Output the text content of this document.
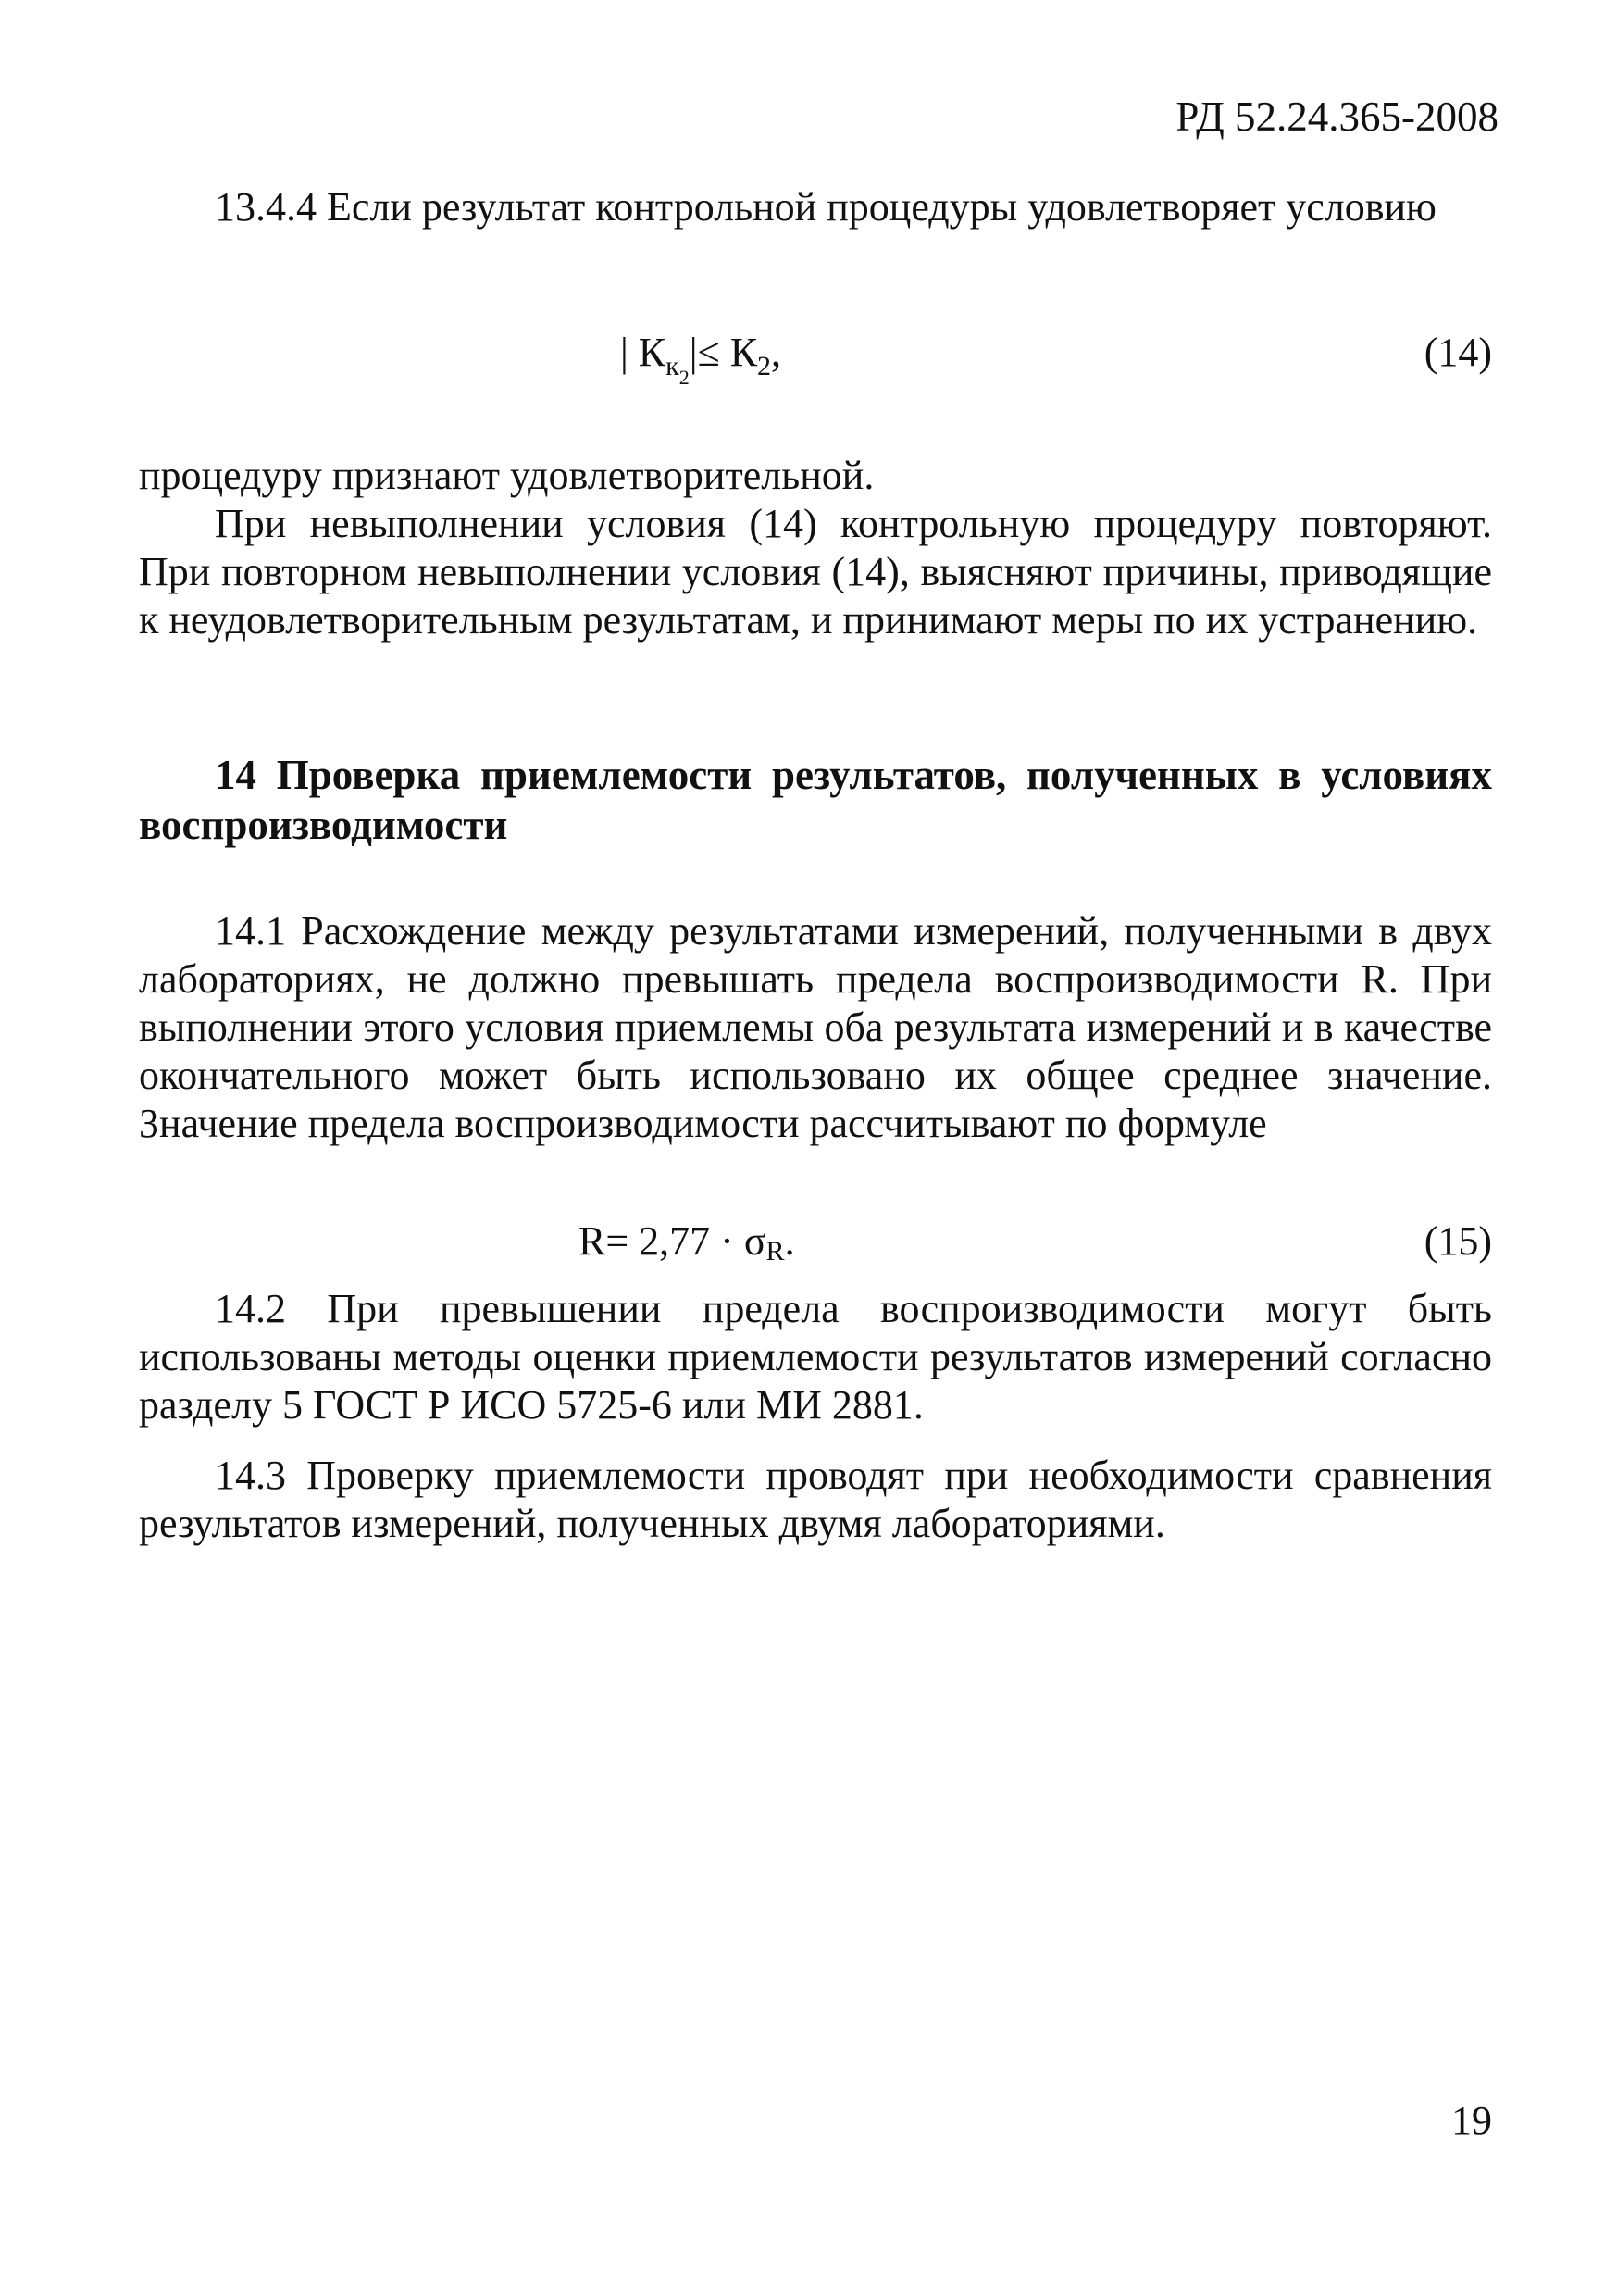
РД 52.24.365-2008

13.4.4 Если результат контрольной процедуры удовлетворяет условию

| $К_{к2}|\le К_2$,	(14)

процедуру признают удовлетворительной.

При невыполнении условия (14) контрольную процедуру повторяют. При повторном невыполнении условия (14), выясняют причины, приводящие к неудовлетворительным результатам, и принимают меры по их устранению.

14 Проверка приемлемости результатов, полученных в условиях воспроизводимости

14.1 Расхождение между результатами измерений, полученными в двух лабораториях, не должно превышать предела воспроизводимости R. При выполнении этого условия приемлемы оба результата измерений и в качестве окончательного может быть использовано их общее среднее значение. Значение предела воспроизводимости рассчитывают по формуле

R= 2,77 · σR.	(15)

14.2 При превышении предела воспроизводимости могут быть использованы методы оценки приемлемости результатов измерений согласно разделу 5 ГОСТ Р ИСО 5725-6 или МИ 2881.

14.3 Проверку приемлемости проводят при необходимости сравнения результатов измерений, полученных двумя лабораториями.

19
